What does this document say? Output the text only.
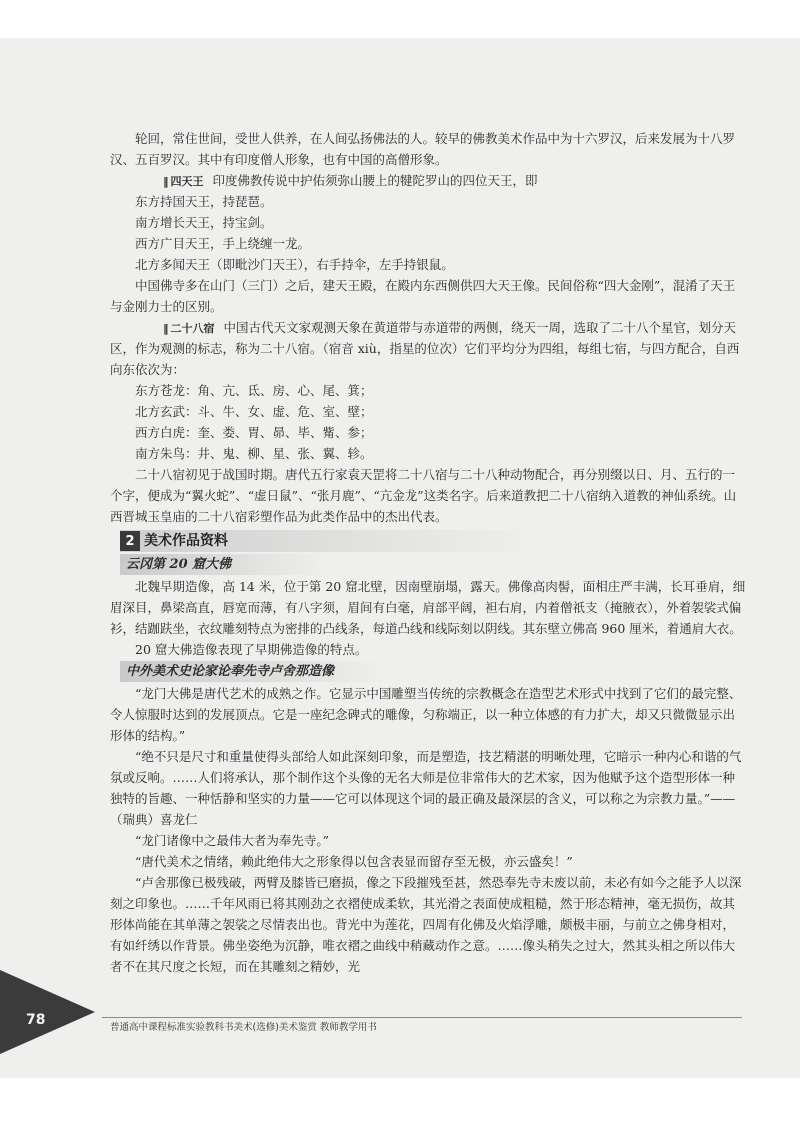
轮回，常住世间，受世人供养，在人间弘扬佛法的人。较早的佛教美术作品中为十六罗汉，后来发展为十八罗汉、五百罗汉。其中有印度僧人形象，也有中国的高僧形象。

‖ 四天王 印度佛教传说中护佑须弥山腰上的犍陀罗山的四位天王，即

东方持国天王，持琵琶。

南方增长天王，持宝剑。

西方广目天王，手上绕缠一龙。

北方多闻天王（即毗沙门天王），右手持伞，左手持银鼠。

中国佛寺多在山门（三门）之后，建天王殿，在殿内东西侧供四大天王像。民间俗称“四大金刚”，混淆了天王与金刚力士的区别。

‖ 二十八宿 中国古代天文家观测天象在黄道带与赤道带的两侧，绕天一周，选取了二十八个星官，划分天区，作为观测的标志，称为二十八宿。（宿音 xiù，指星的位次）它们平均分为四组，每组七宿，与四方配合，自西向东依次为：

东方苍龙：角、亢、氐、房、心、尾、箕；

北方玄武：斗、牛、女、虚、危、室、壁；

西方白虎：奎、娄、胃、昴、毕、觜、参；

南方朱鸟：井、鬼、柳、星、张、翼、轸。

二十八宿初见于战国时期。唐代五行家袁天罡将二十八宿与二十八种动物配合，再分别缀以日、月、五行的一个字，便成为“翼火蛇”、“虚日鼠”、“张月鹿”、“亢金龙”这类名字。后来道教把二十八宿纳入道教的神仙系统。山西晋城玉皇庙的二十八宿彩塑作品为此类作品中的杰出代表。

2 美术作品资料
云冈第 20 窟大佛

北魏早期造像，高 14 米，位于第 20 窟北壁，因南壁崩塌，露天。佛像高肉髻，面相庄严丰满，长耳垂肩，细眉深目，鼻梁高直，唇宽而薄，有八字须，眉间有白毫，肩部平阔，袒右肩，内着僧祇支（掩腋衣），外着袈裟式偏衫，结跏趺坐，衣纹雕刻特点为密排的凸线条，每道凸线和线际刻以阴线。其东壁立佛高 960 厘米，着通肩大衣。

20 窟大佛造像表现了早期佛造像的特点。

中外美术史论家论奉先寺卢舍那造像

“龙门大佛是唐代艺术的成熟之作。它显示中国雕塑当传统的宗教概念在造型艺术形式中找到了它们的最完整、令人惊服时达到的发展顶点。它是一座纪念碑式的雕像，匀称端正，以一种立体感的有力扩大，却又只微微显示出形体的结构。”

“绝不只是尺寸和重量使得头部给人如此深刻印象，而是塑造，技艺精湛的明晰处理，它暗示一种内心和谐的气氛或反响。……人们将承认，那个制作这个头像的无名大师是位非常伟大的艺术家，因为他赋予这个造型形体一种独特的旨趣、一种恬静和坚实的力量——它可以体现这个词的最正确及最深层的含义，可以称之为宗教力量。”——（瑞典）喜龙仁

“龙门诸像中之最伟大者为奉先寺。”

“唐代美术之情绪，赖此绝伟大之形象得以包含表显而留存至无极，亦云盛矣！”

“卢舍那像已极残破，两臂及膝皆已磨损，像之下段摧残至甚，然恐奉先寺未废以前，未必有如今之能予人以深刻之印象也。……千年风雨已将其刚劲之衣褶使成柔软，其光滑之表面使成粗糙，然于形态精神，毫无损伤，故其形体尚能在其单薄之袈裟之尽情表出也。背光中为莲花，四周有化佛及火焰浮雕，颇极丰丽，与前立之佛身相对，有如纤绣以作背景。佛坐姿绝为沉静，唯衣褶之曲线中稍藏动作之意。……像头稍失之过大，然其头相之所以伟大者不在其尺度之长短，而在其雕刻之精妙，光

78	普通高中课程标准实验教科书美术(选修)美术鉴赏 教师教学用书
